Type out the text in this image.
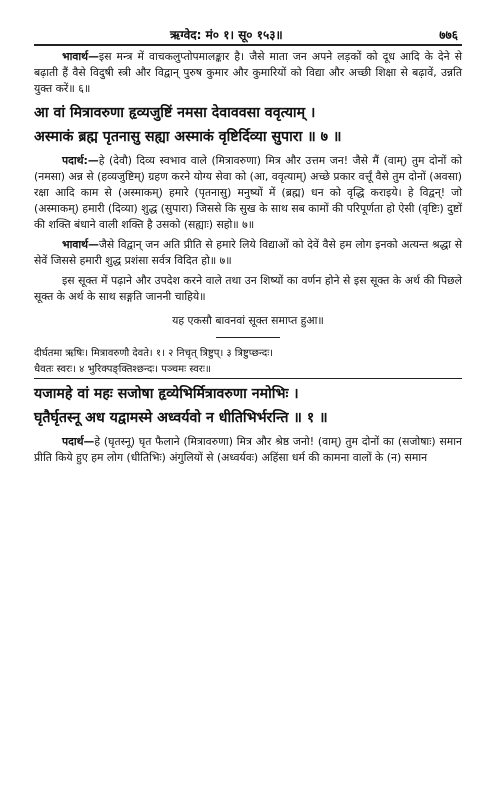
ऋग्वेद: मं० १। सू० १५३॥	७७६

भावार्थ—इस मन्त्र में वाचकलुप्तोपमालङ्कार है। जैसे माता जन अपने लड़कों को दूध आदि के देने से बढ़ाती हैं वैसे विदुषी स्त्री और विद्वान् पुरुष कुमार और कुमारियों को विद्या और अच्छी शिक्षा से बढ़ावें, उन्नति युक्त करें॥ ६॥

आ वां मित्रावरुणा हृव्यजुष्टिं नमसा देवाववसा ववृत्याम् ।

अस्माकं ब्रह्म पृतनासु सह्या अस्माकं वृष्टिर्दिव्या सुपारा ॥ ७ ॥

पदार्थ:—हे (देवौ) दिव्य स्वभाव वाले (मित्रावरुणा) मित्र और उत्तम जन! जैसे मैं (वाम्) तुम दोनों को (नमसा) अन्न से (हव्यजुष्टिम्) ग्रहण करने योग्य सेवा को (आ, ववृत्याम्) अच्छे प्रकार वर्त्तूं वैसे तुम दोनों (अवसा) रक्षा आदि काम से (अस्माकम्) हमारे (पृतनासु) मनुष्यों में (ब्रह्म) धन को वृद्धि कराइये। हे विद्वन्! जो (अस्माकम्) हमारी (दिव्या) शुद्ध (सुपारा) जिससे कि सुख के साथ सब कामों की परिपूर्णता हो ऐसी (वृष्टिः) दुष्टों की शक्ति बंधाने वाली शक्ति है उसको (सह्याः) सहो॥ ७॥

भावार्थ—जैसे विद्वान् जन अति प्रीति से हमारे लिये विद्याओं को देवें वैसे हम लोग इनको अत्यन्त श्रद्धा से सेवें जिससे हमारी शुद्ध प्रशंसा सर्वत्र विदित हो॥ ७॥

इस सूक्त में पढ़ाने और उपदेश करने वाले तथा उन शिष्यों का वर्णन होने से इस सूक्त के अर्थ की पिछले सूक्त के अर्थ के साथ सङ्गति जाननी चाहिये॥

यह एकसौ बावनवां सूक्त समाप्त हुआ॥

दीर्घतमा ऋषिः। मित्रावरुणौ देवते। १। २ निचृत् त्रिष्टुप्। ३ त्रिष्टुप्छन्दः।

धैवतः स्वरः। ४ भुरिक्पङ्क्तिश्छन्दः। पञ्चमः स्वरः॥

यजामहे वां महः सजोषा हृव्येभिर्मित्रावरुणा नमोभिः ।

घृतैर्घृतस्नू अध यद्वामस्मे अध्वर्यवो न धीतिभिर्भरन्ति ॥ १ ॥

पदार्थ—हे (घृतस्नू) घृत फैलाने (मित्रावरुणा) मित्र और श्रेष्ठ जनो! (वाम्) तुम दोनों का (सजोषाः) समान प्रीति किये हुए हम लोग (धीतिभिः) अंगुलियों से (अध्वर्यवः) अहिंसा धर्म की कामना वालों के (न) समान
